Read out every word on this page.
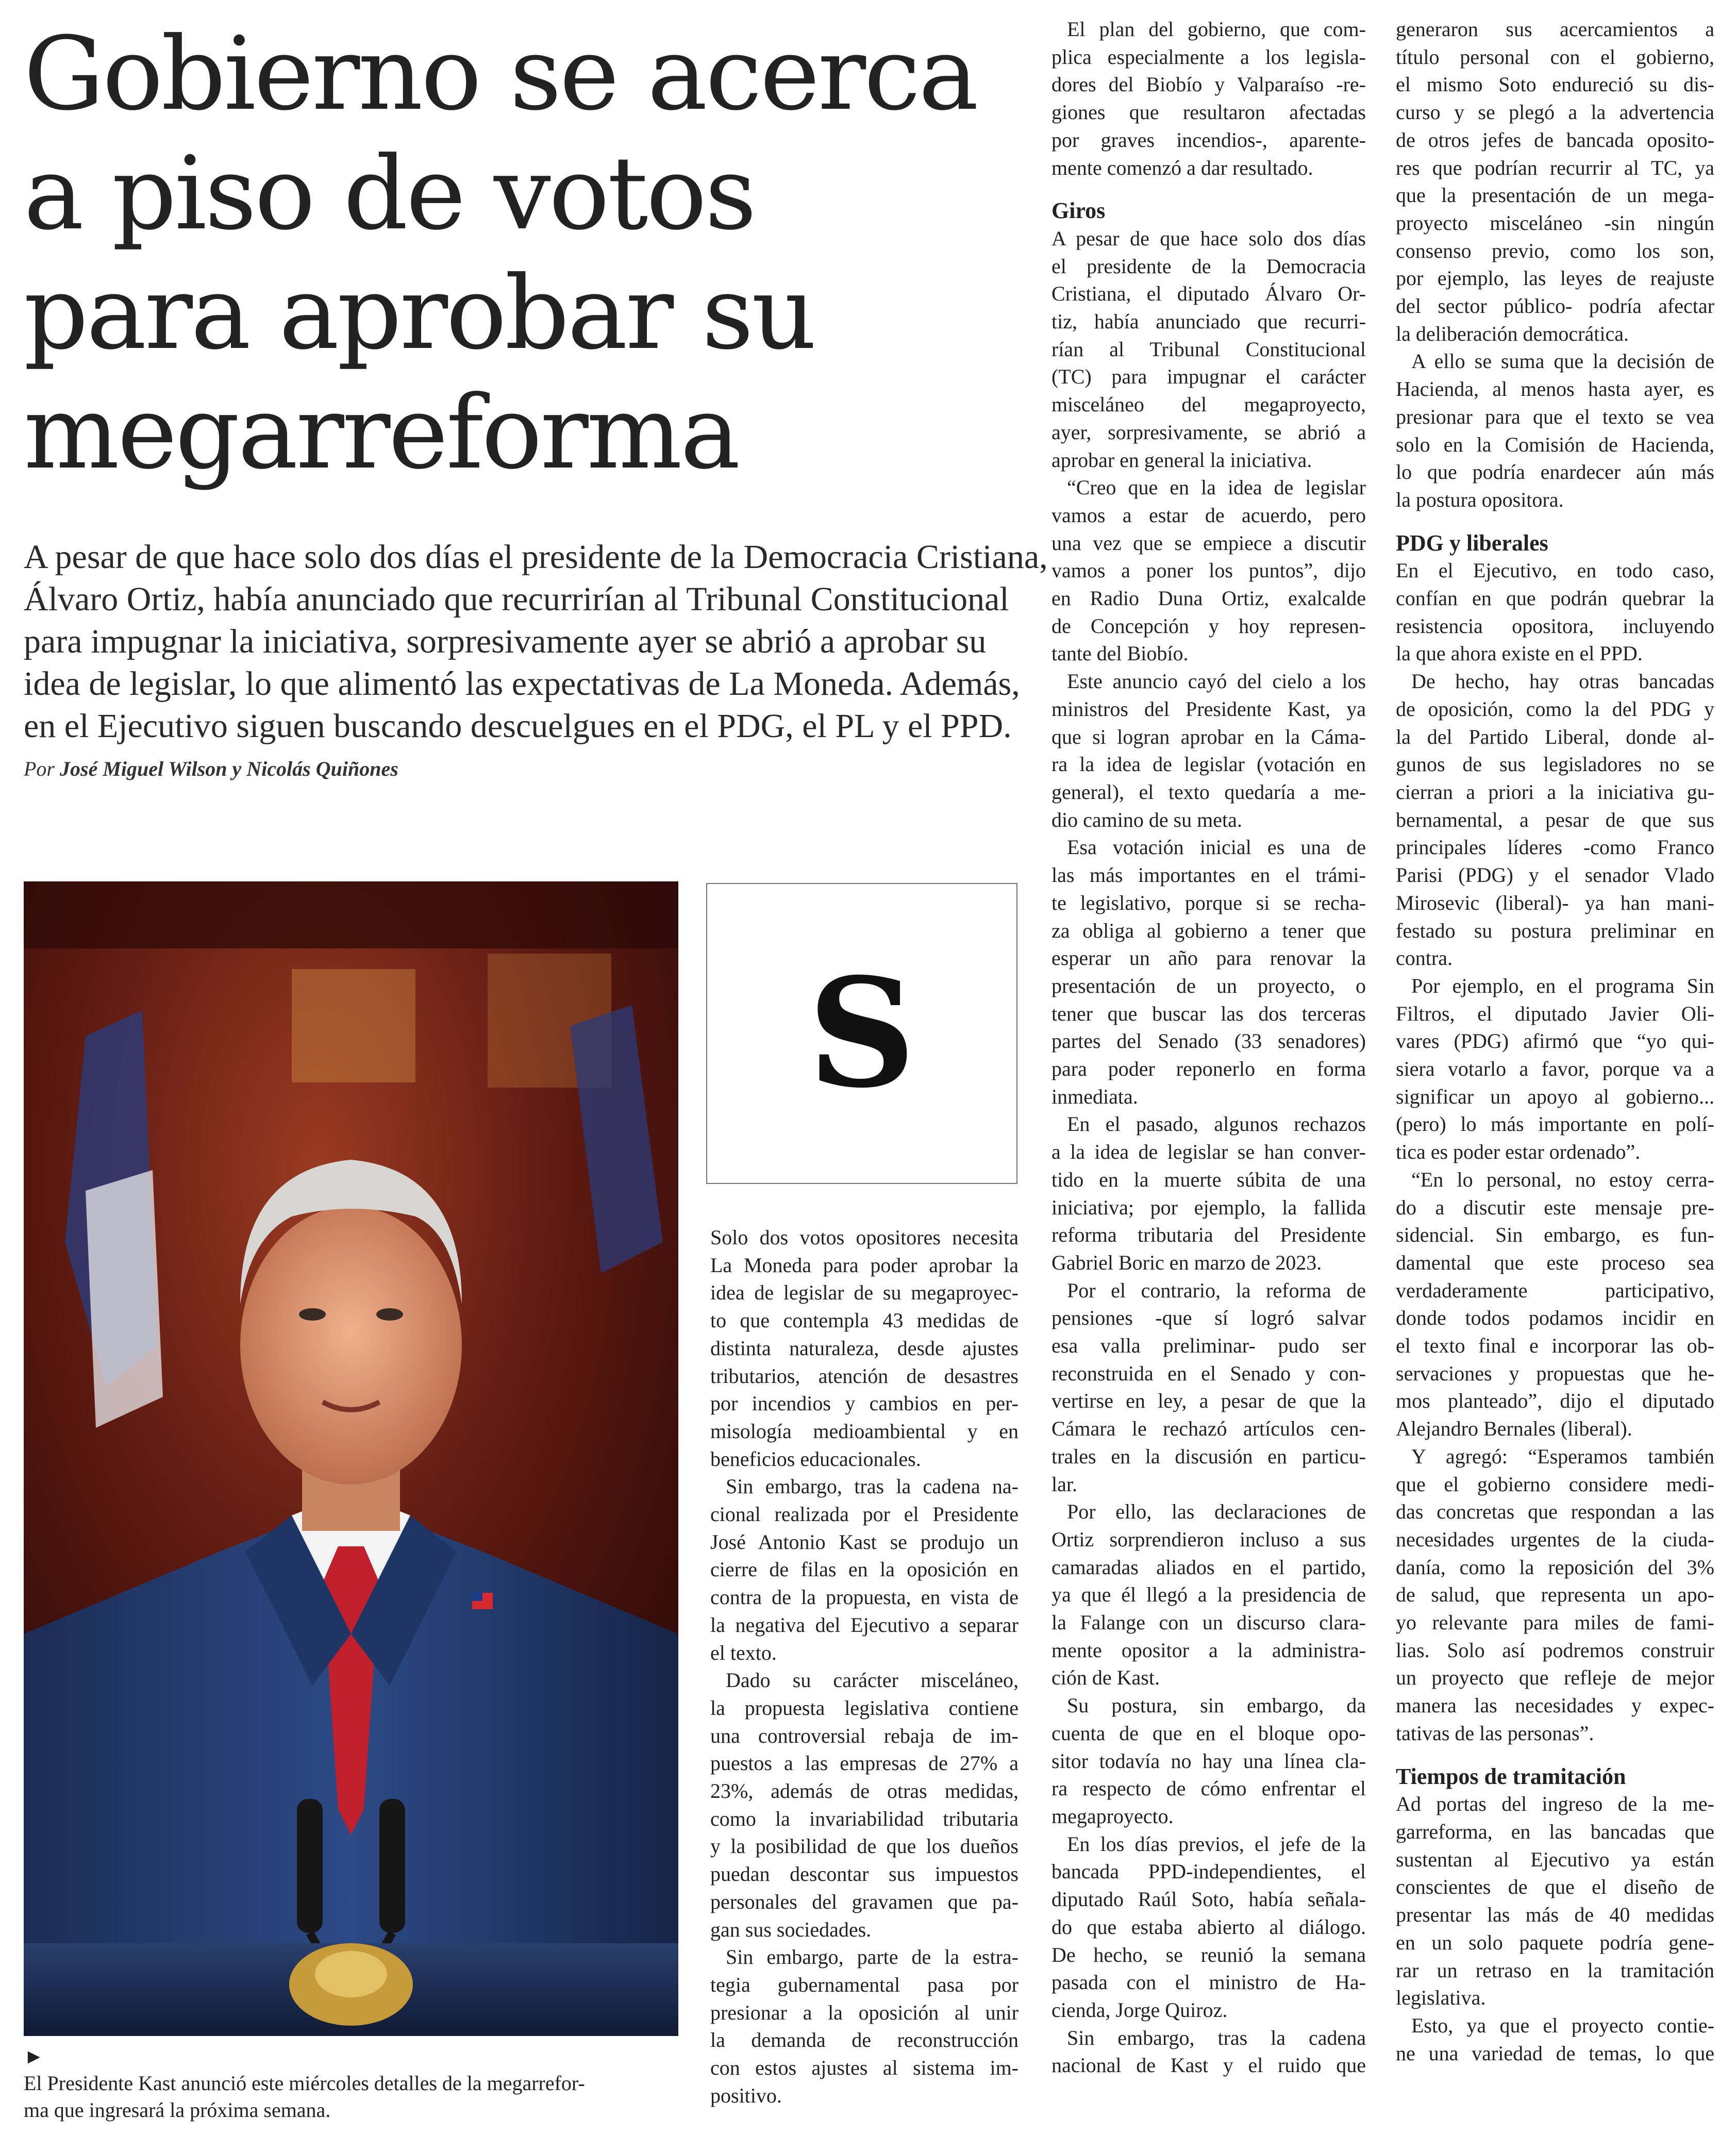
Gobierno se acerca
a piso de votos
para aprobar su
megarreforma

A pesar de que hace solo dos días el presidente de la Democracia Cristiana,
Álvaro Ortiz, había anunciado que recurrirían al Tribunal Constitucional
para impugnar la iniciativa, sorpresivamente ayer se abrió a aprobar su
idea de legislar, lo que alimentó las expectativas de La Moneda. Además,
en el Ejecutivo siguen buscando descuelgues en el PDG, el PL y el PPD.

Por José Miguel Wilson y Nicolás Quiñones

►
El Presidente Kast anunció este miércoles detalles de la megarrefor-
ma que ingresará la próxima semana.

S
Solo dos votos opositores necesita
La Moneda para poder aprobar la
idea de legislar de su megaproyec-
to que contempla 43 medidas de
distinta naturaleza, desde ajustes
tributarios, atención de desastres
por incendios y cambios en per-
misología medioambiental y en
beneficios educacionales.
Sin embargo, tras la cadena na-
cional realizada por el Presidente
José Antonio Kast se produjo un
cierre de filas en la oposición en
contra de la propuesta, en vista de
la negativa del Ejecutivo a separar
el texto.
Dado su carácter misceláneo,
la propuesta legislativa contiene
una controversial rebaja de im-
puestos a las empresas de 27% a
23%, además de otras medidas,
como la invariabilidad tributaria
y la posibilidad de que los dueños
puedan descontar sus impuestos
personales del gravamen que pa-
gan sus sociedades.
Sin embargo, parte de la estra-
tegia gubernamental pasa por
presionar a la oposición al unir
la demanda de reconstrucción
con estos ajustes al sistema im-
positivo.
El plan del gobierno, que com-
plica especialmente a los legisla-
dores del Biobío y Valparaíso -re-
giones que resultaron afectadas
por graves incendios-, aparente-
mente comenzó a dar resultado.
Giros
A pesar de que hace solo dos días
el presidente de la Democracia
Cristiana, el diputado Álvaro Or-
tiz, había anunciado que recurri-
rían al Tribunal Constitucional
(TC) para impugnar el carácter
misceláneo del megaproyecto,
ayer, sorpresivamente, se abrió a
aprobar en general la iniciativa.
“Creo que en la idea de legislar
vamos a estar de acuerdo, pero
una vez que se empiece a discutir
vamos a poner los puntos”, dijo
en Radio Duna Ortiz, exalcalde
de Concepción y hoy represen-
tante del Biobío.
Este anuncio cayó del cielo a los
ministros del Presidente Kast, ya
que si logran aprobar en la Cáma-
ra la idea de legislar (votación en
general), el texto quedaría a me-
dio camino de su meta.
Esa votación inicial es una de
las más importantes en el trámi-
te legislativo, porque si se recha-
za obliga al gobierno a tener que
esperar un año para renovar la
presentación de un proyecto, o
tener que buscar las dos terceras
partes del Senado (33 senadores)
para poder reponerlo en forma
inmediata.
En el pasado, algunos rechazos
a la idea de legislar se han conver-
tido en la muerte súbita de una
iniciativa; por ejemplo, la fallida
reforma tributaria del Presidente
Gabriel Boric en marzo de 2023.
Por el contrario, la reforma de
pensiones -que sí logró salvar
esa valla preliminar- pudo ser
reconstruida en el Senado y con-
vertirse en ley, a pesar de que la
Cámara le rechazó artículos cen-
trales en la discusión en particu-
lar.
Por ello, las declaraciones de
Ortiz sorprendieron incluso a sus
camaradas aliados en el partido,
ya que él llegó a la presidencia de
la Falange con un discurso clara-
mente opositor a la administra-
ción de Kast.
Su postura, sin embargo, da
cuenta de que en el bloque opo-
sitor todavía no hay una línea cla-
ra respecto de cómo enfrentar el
megaproyecto.
En los días previos, el jefe de la
bancada PPD-independientes, el
diputado Raúl Soto, había señala-
do que estaba abierto al diálogo.
De hecho, se reunió la semana
pasada con el ministro de Ha-
cienda, Jorge Quiroz.
Sin embargo, tras la cadena
nacional de Kast y el ruido que
generaron sus acercamientos a
título personal con el gobierno,
el mismo Soto endureció su dis-
curso y se plegó a la advertencia
de otros jefes de bancada oposito-
res que podrían recurrir al TC, ya
que la presentación de un mega-
proyecto misceláneo -sin ningún
consenso previo, como los son,
por ejemplo, las leyes de reajuste
del sector público- podría afectar
la deliberación democrática.
A ello se suma que la decisión de
Hacienda, al menos hasta ayer, es
presionar para que el texto se vea
solo en la Comisión de Hacienda,
lo que podría enardecer aún más
la postura opositora.
PDG y liberales
En el Ejecutivo, en todo caso,
confían en que podrán quebrar la
resistencia opositora, incluyendo
la que ahora existe en el PPD.
De hecho, hay otras bancadas
de oposición, como la del PDG y
la del Partido Liberal, donde al-
gunos de sus legisladores no se
cierran a priori a la iniciativa gu-
bernamental, a pesar de que sus
principales líderes -como Franco
Parisi (PDG) y el senador Vlado
Mirosevic (liberal)- ya han mani-
festado su postura preliminar en
contra.
Por ejemplo, en el programa Sin
Filtros, el diputado Javier Oli-
vares (PDG) afirmó que “yo qui-
siera votarlo a favor, porque va a
significar un apoyo al gobierno...
(pero) lo más importante en polí-
tica es poder estar ordenado”.
“En lo personal, no estoy cerra-
do a discutir este mensaje pre-
sidencial. Sin embargo, es fun-
damental que este proceso sea
verdaderamente participativo,
donde todos podamos incidir en
el texto final e incorporar las ob-
servaciones y propuestas que he-
mos planteado”, dijo el diputado
Alejandro Bernales (liberal).
Y agregó: “Esperamos también
que el gobierno considere medi-
das concretas que respondan a las
necesidades urgentes de la ciuda-
danía, como la reposición del 3%
de salud, que representa un apo-
yo relevante para miles de fami-
lias. Solo así podremos construir
un proyecto que refleje de mejor
manera las necesidades y expec-
tativas de las personas”.
Tiempos de tramitación
Ad portas del ingreso de la me-
garreforma, en las bancadas que
sustentan al Ejecutivo ya están
conscientes de que el diseño de
presentar las más de 40 medidas
en un solo paquete podría gene-
rar un retraso en la tramitación
legislativa.
Esto, ya que el proyecto contie-
ne una variedad de temas, lo que
